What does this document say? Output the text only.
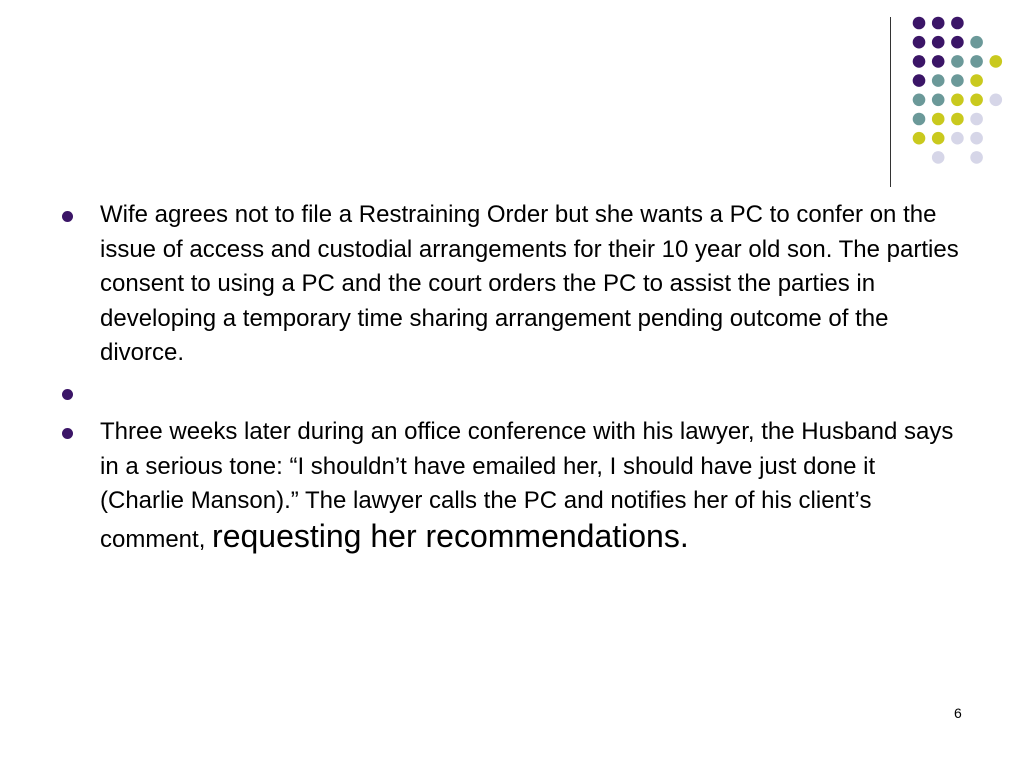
Wife agrees not to file a Restraining Order but she wants a PC to confer on the issue of access and custodial arrangements for their 10 year old son. The parties consent to using a PC and the court orders the PC to assist the parties in developing a temporary time sharing arrangement pending outcome of the divorce.
Three weeks later during an office conference with his lawyer, the Husband says in a serious tone: “I shouldn’t have emailed her, I should have just done it (Charlie Manson).” The lawyer calls the PC and notifies her of his client’s comment, requesting her recommendations.
6
